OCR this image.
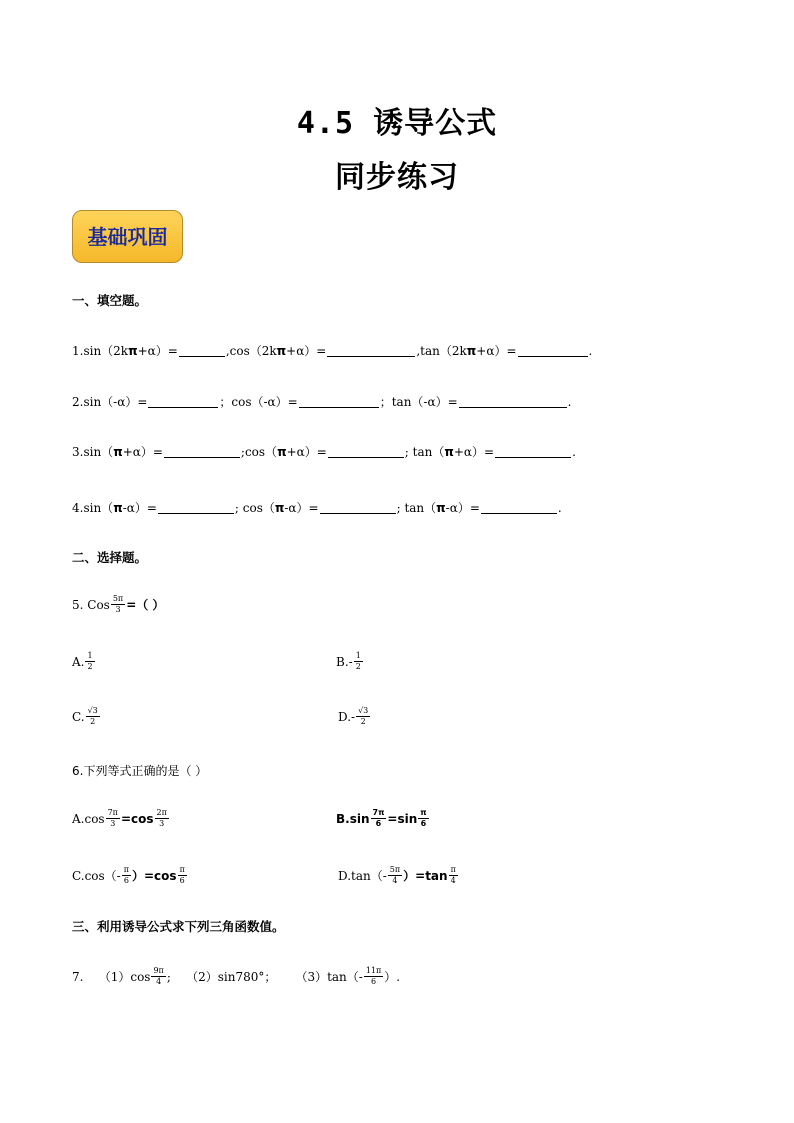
4.5 诱导公式
同步练习
基础巩固
一、填空题。
1.sin（2k π +α）=	,cos（2k π +α）=	,tan（2k π +α）=	.
2.sin（-α）=	；cos（-α）=	；tan（-α）=	.
3.sin（ π +α）=	;cos（ π +α）=	; tan（ π +α）=	.
4.sin（ π -α）=	; cos（ π -α）=	; tan（ π -α）=	.
二、选择题。
5. Cos $\frac{5\pi}{3}$ =（ ）
A. $\frac{1}{2}$	$B.- \frac{1}{2}$
C. $\frac{√3}{2}$	$D.- \frac{√3}{2}$
6.下列等式正确的是（ ）
$A.\cos \frac{7\pi}{3} =\cos \frac{2\pi}{3}$	$B.\sin \frac{7\pi}{6} =\sin \frac{\pi}{6}$
$C.\cos(- \frac{\pi}{6} )=\cos \frac{\pi}{6}$	$D.\tan(- \frac{5\pi}{4} )=\tan \frac{\pi}{4}$
三、利用诱导公式求下列三角函数值。
7.    $(1)\cos \frac{9\pi}{4}$ ;    （2）sin780°；     $(3)\tan(- \frac{11\pi}{6}$ ）.
